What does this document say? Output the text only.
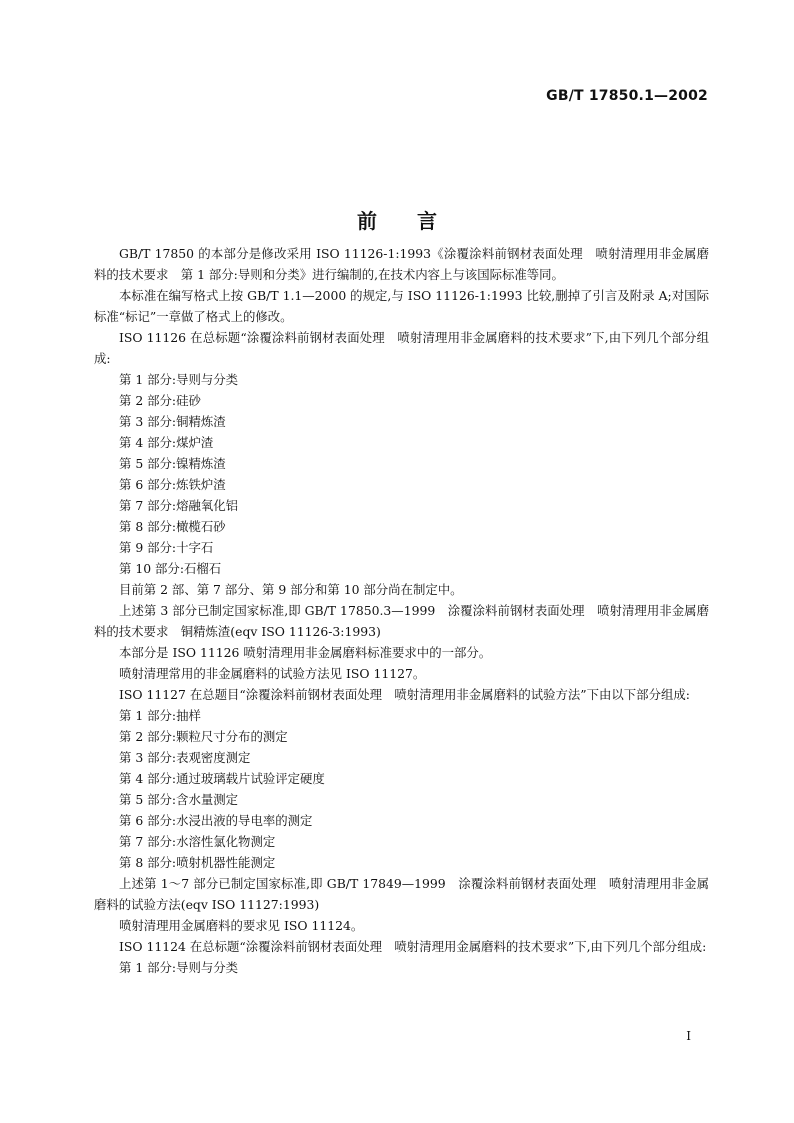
GB/T 17850.1—2002
前言

GB/T 17850 的本部分是修改采用 ISO 11126-1:1993《涂覆涂料前钢材表面处理　喷射清理用非金属磨料的技术要求　第 1 部分:导则和分类》进行编制的,在技术内容上与该国际标准等同。

本标准在编写格式上按 GB/T 1.1—2000 的规定,与 ISO 11126-1:1993 比较,删掉了引言及附录 A;对国际标准“标记”一章做了格式上的修改。

ISO 11126 在总标题“涂覆涂料前钢材表面处理　喷射清理用非金属磨料的技术要求”下,由下列几个部分组成:

第 1 部分:导则与分类

第 2 部分:硅砂

第 3 部分:铜精炼渣

第 4 部分:煤炉渣

第 5 部分:镍精炼渣

第 6 部分:炼铁炉渣

第 7 部分:熔融氧化铝

第 8 部分:橄榄石砂

第 9 部分:十字石

第 10 部分:石榴石

目前第 2 部、第 7 部分、第 9 部分和第 10 部分尚在制定中。

上述第 3 部分已制定国家标准,即 GB/T 17850.3—1999　涂覆涂料前钢材表面处理　喷射清理用非金属磨料的技术要求　铜精炼渣(eqv ISO 11126-3:1993)

本部分是 ISO 11126 喷射清理用非金属磨料标准要求中的一部分。

喷射清理常用的非金属磨料的试验方法见 ISO 11127。

ISO 11127 在总题目“涂覆涂料前钢材表面处理　喷射清理用非金属磨料的试验方法”下由以下部分组成:

第 1 部分:抽样

第 2 部分:颗粒尺寸分布的测定

第 3 部分:表观密度测定

第 4 部分:通过玻璃载片试验评定硬度

第 5 部分:含水量测定

第 6 部分:水浸出液的导电率的测定

第 7 部分:水溶性氯化物测定

第 8 部分:喷射机器性能测定

上述第 1～7 部分已制定国家标准,即 GB/T 17849—1999　涂覆涂料前钢材表面处理　喷射清理用非金属磨料的试验方法(eqv ISO 11127:1993)

喷射清理用金属磨料的要求见 ISO 11124。

ISO 11124 在总标题“涂覆涂料前钢材表面处理　喷射清理用金属磨料的技术要求”下,由下列几个部分组成:

第 1 部分:导则与分类

I
